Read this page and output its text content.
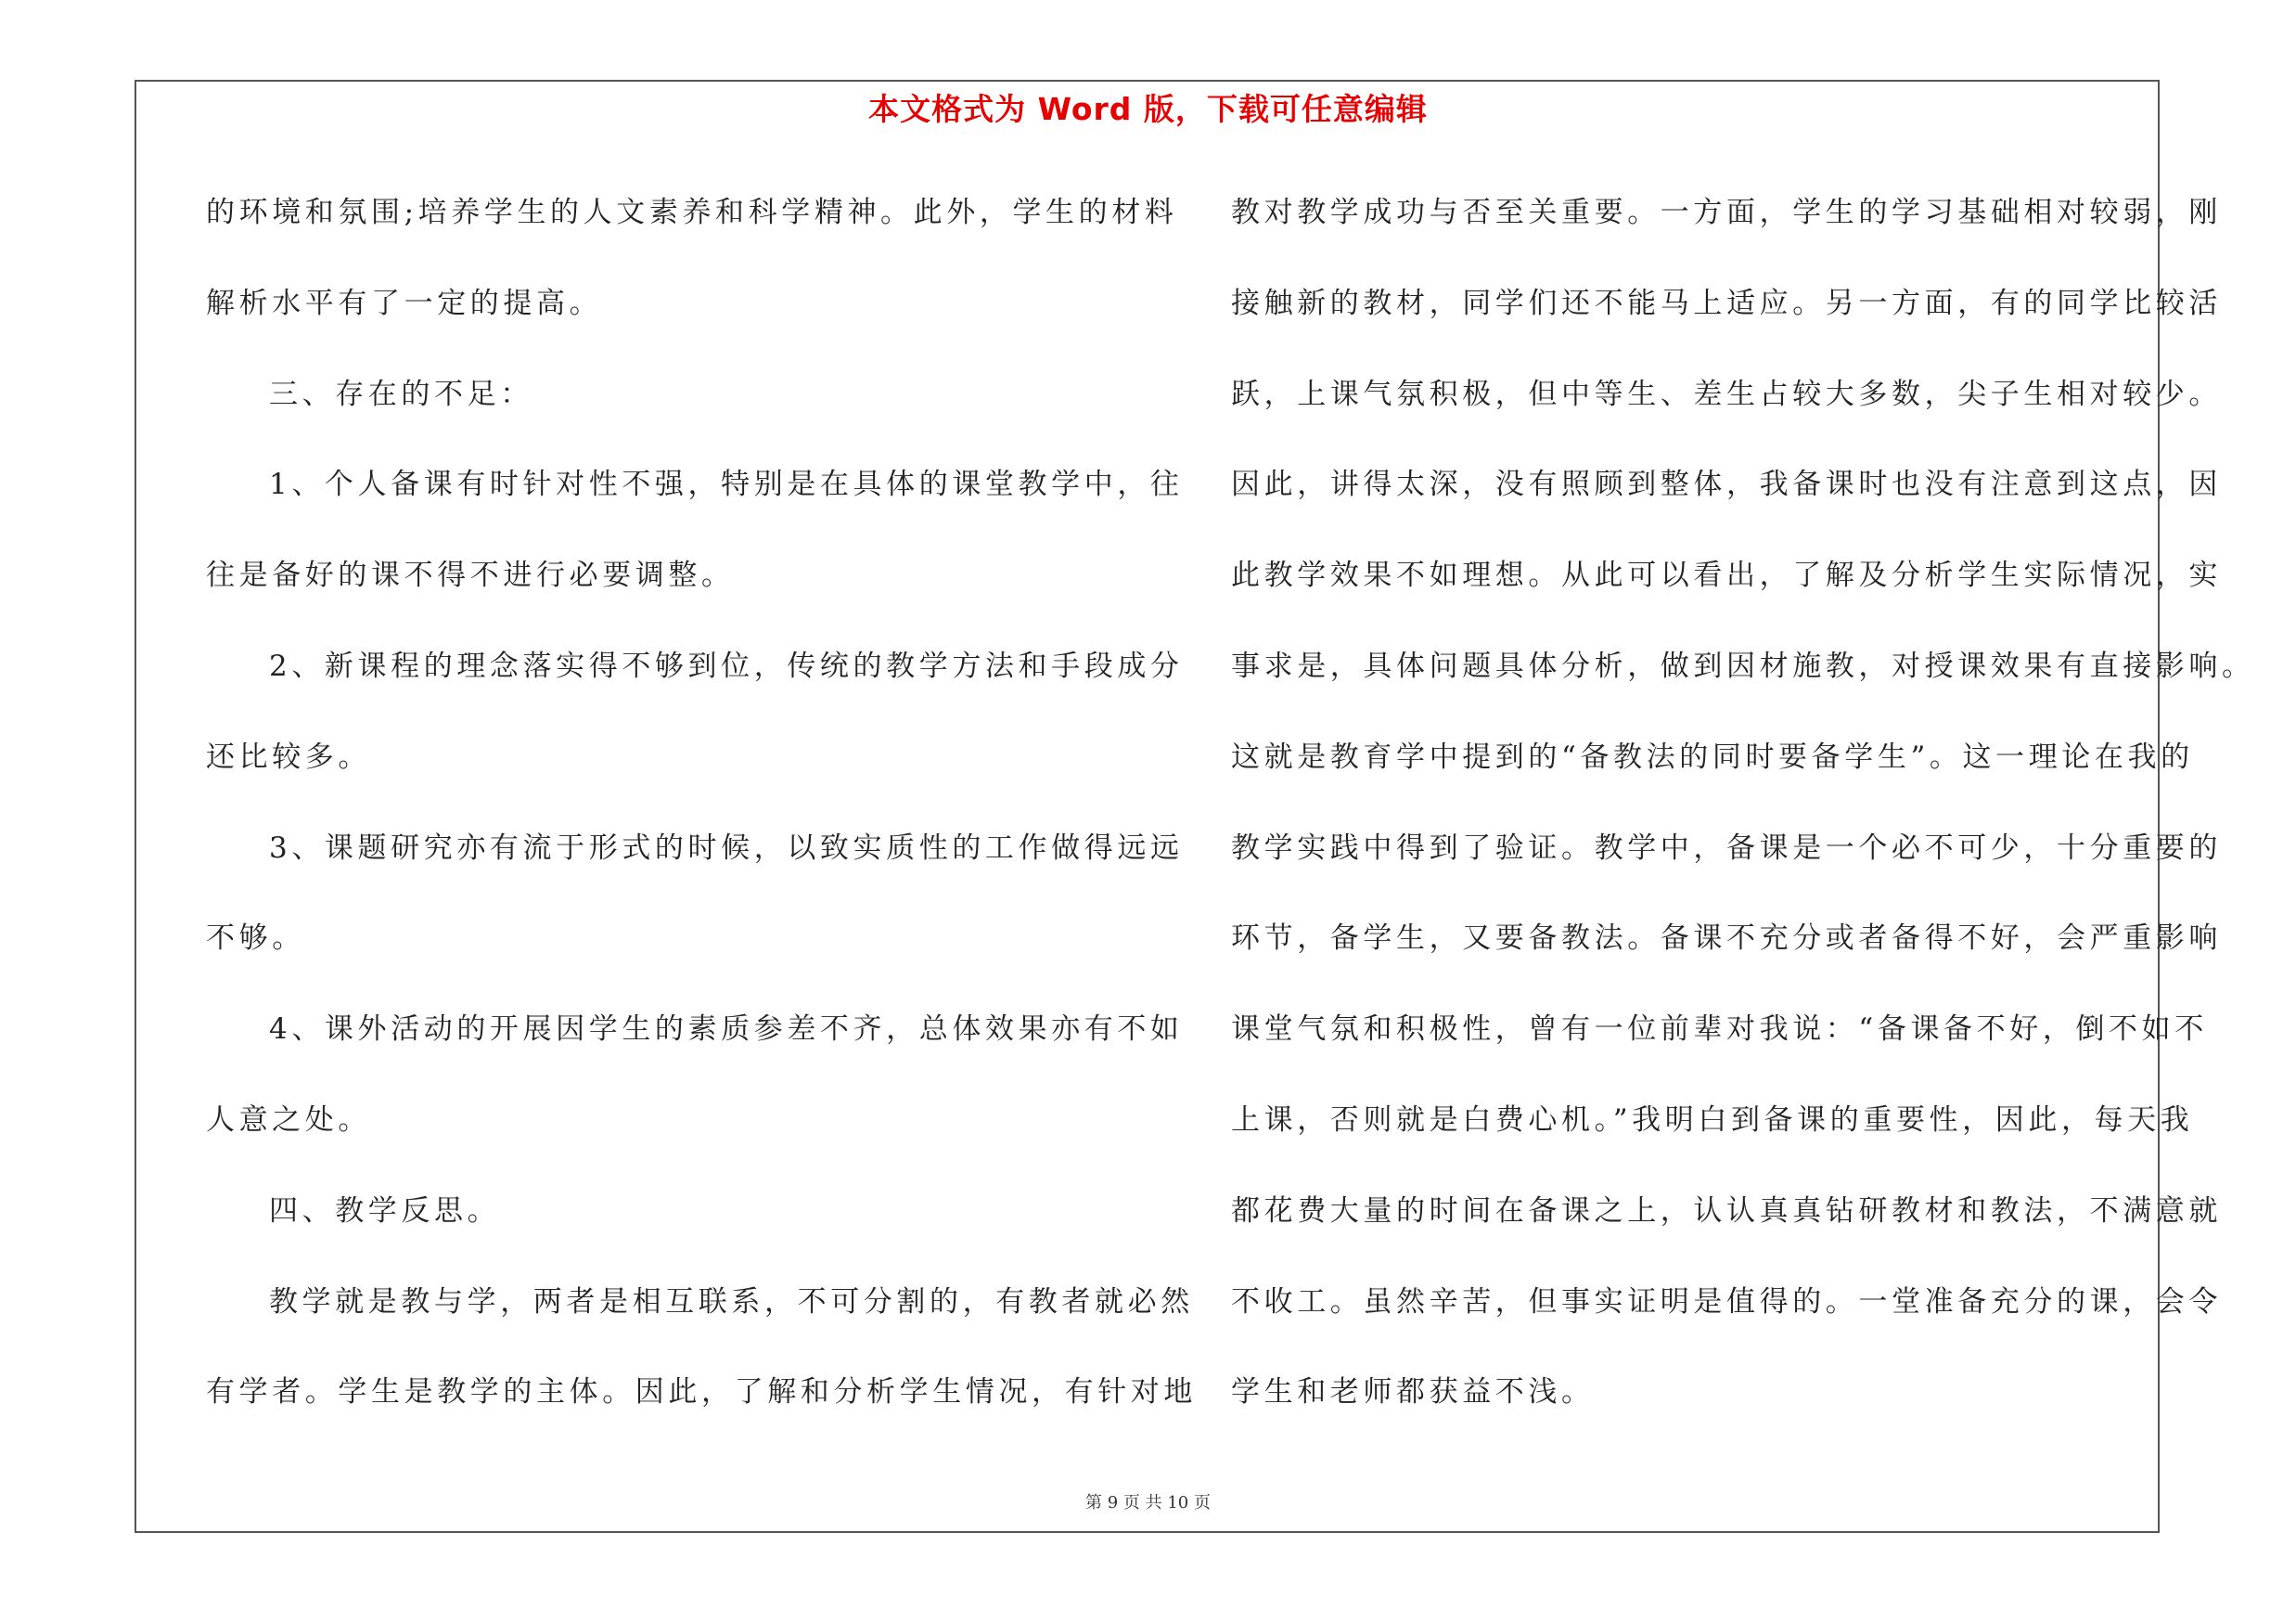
本文格式为 Word 版，下载可任意编辑
的环境和氛围;培养学生的人文素养和科学精神。此外，学生的材料
解析水平有了一定的提高。
三、存在的不足：
1、个人备课有时针对性不强，特别是在具体的课堂教学中，往
往是备好的课不得不进行必要调整。
2、新课程的理念落实得不够到位，传统的教学方法和手段成分
还比较多。
3、课题研究亦有流于形式的时候，以致实质性的工作做得远远
不够。
4、课外活动的开展因学生的素质参差不齐，总体效果亦有不如
人意之处。
四、教学反思。
教学就是教与学，两者是相互联系，不可分割的，有教者就必然
有学者。学生是教学的主体。因此，了解和分析学生情况，有针对地
教对教学成功与否至关重要。一方面，学生的学习基础相对较弱，刚
接触新的教材，同学们还不能马上适应。另一方面，有的同学比较活
跃，上课气氛积极，但中等生、差生占较大多数，尖子生相对较少。
因此，讲得太深，没有照顾到整体，我备课时也没有注意到这点，因
此教学效果不如理想。从此可以看出，了解及分析学生实际情况，实
事求是，具体问题具体分析，做到因材施教，对授课效果有直接影响。
这就是教育学中提到的“备教法的同时要备学生”。这一理论在我的
教学实践中得到了验证。教学中，备课是一个必不可少，十分重要的
环节，备学生，又要备教法。备课不充分或者备得不好，会严重影响
课堂气氛和积极性，曾有一位前辈对我说：“备课备不好，倒不如不
上课，否则就是白费心机。”我明白到备课的重要性，因此，每天我
都花费大量的时间在备课之上，认认真真钻研教材和教法，不满意就
不收工。虽然辛苦，但事实证明是值得的。一堂准备充分的课，会令
学生和老师都获益不浅。
第 9 页 共 10 页
